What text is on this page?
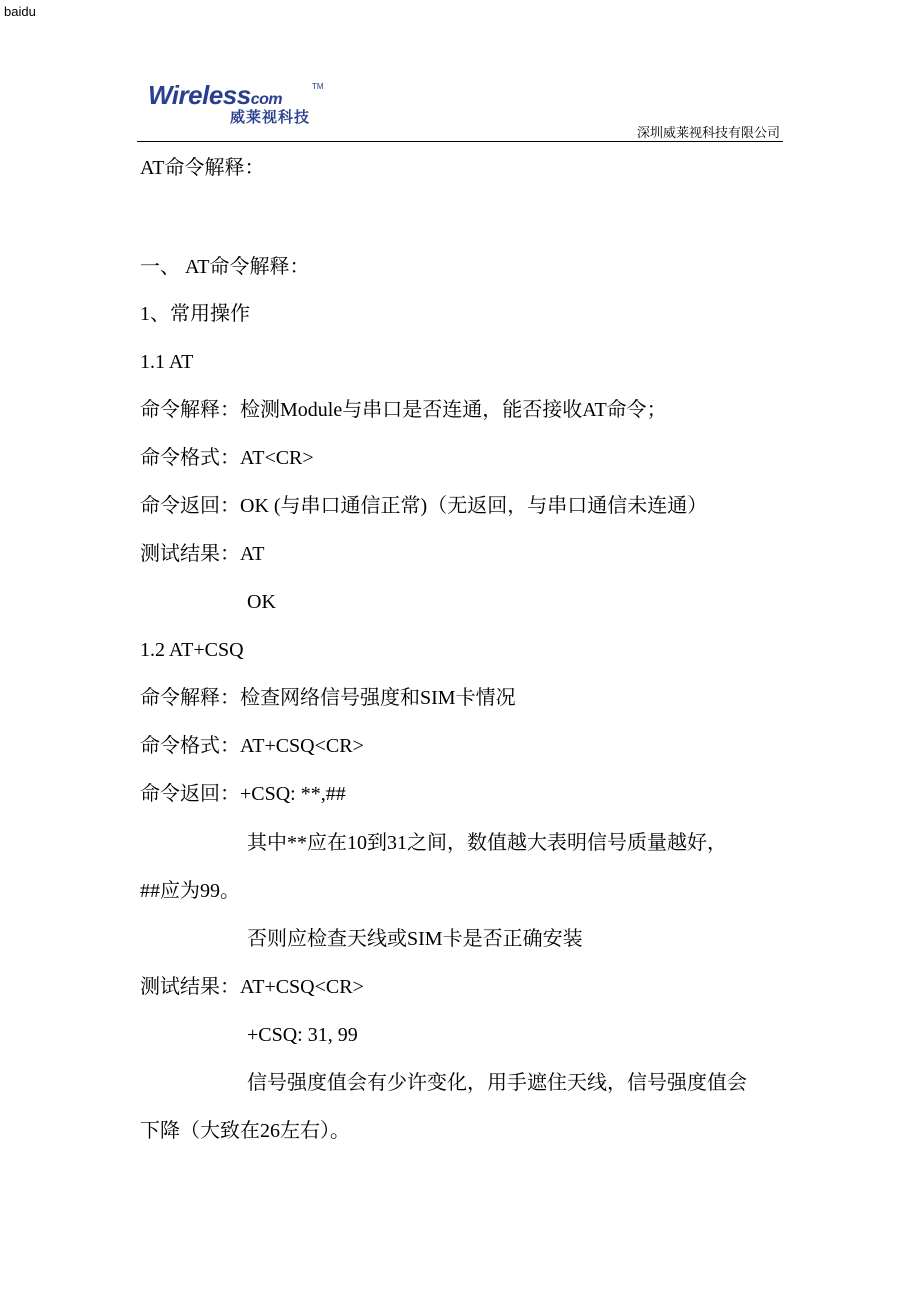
baidu
Wirelesscom
TM
威莱视科技
深圳威莱视科技有限公司
AT命令解释：
一、 AT命令解释：
1、常用操作
1.1 AT
命令解释：检测Module与串口是否连通，能否接收AT命令；
命令格式：AT<CR>
命令返回：OK (与串口通信正常)（无返回，与串口通信未连通）
测试结果：AT
OK
1.2 AT+CSQ
命令解释：检查网络信号强度和SIM卡情况
命令格式：AT+CSQ<CR>
命令返回：+CSQ: **,##
其中**应在10到31之间，数值越大表明信号质量越好，
##应为99。
否则应检查天线或SIM卡是否正确安装
测试结果：AT+CSQ<CR>
+CSQ: 31, 99
信号强度值会有少许变化，用手遮住天线，信号强度值会
下降（大致在26左右）。
